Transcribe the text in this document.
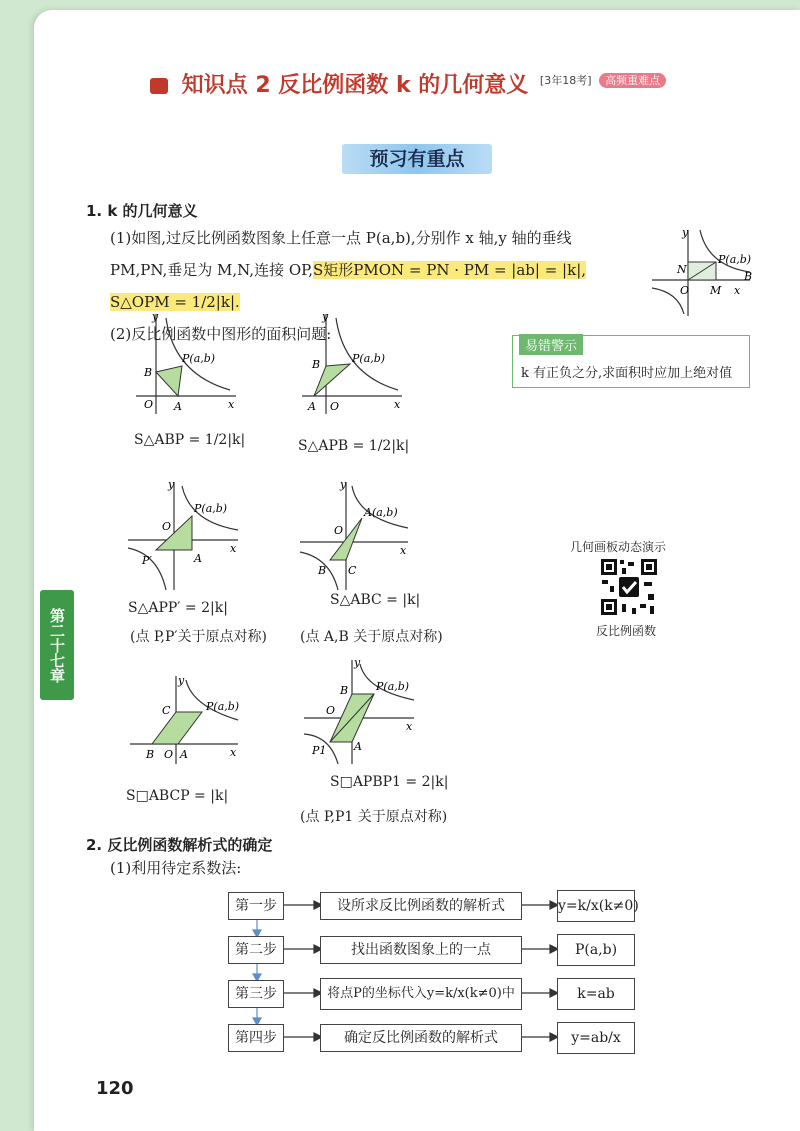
知识点 2 反比例函数 k 的几何意义 [3年18考] $^{高频重难点}$
预习有重点
1. k 的几何意义
(1)如图,过反比例函数图象上任意一点 P(a,b),分别作 x 轴,y 轴的垂线
PM,PN,垂足为 M,N,连接 OP,S矩形PMON = PN · PM = |ab| = |k|, S△OPM = 1/2|k|.
(2)反比例函数中图形的面积问题:
y
N
P(a,b)
B
O M x
易错警示
k 有正负之分,求面积时应加上绝对值
y
B
P(a,b)
O A	x
S△ABP = 1/2|k|
y
B	P(a,b)
A O	x
S△APB = 1/2|k|
y
P(a,b)
O
P′	A
x
S△APP′ = 2|k|
y
A(a,b)
O
B C
x
S△ABC = |k|
(点 P,P′关于原点对称) (点 A,B 关于原点对称)
几何画板动态演示
反比例函数
第二十七章	y
C	P(a,b)
B O A	x
S□ABCP = |k|
y
B	P(a,b)
O
P1	A
x
S□APBP1 = 2|k|
(点 P,P1 关于原点对称)
2. 反比例函数解析式的确定
(1)利用待定系数法:
第一步	设所求反比例函数的解析式	y=k/x(k≠0)
第二步	找出函数图象上的一点	P(a,b)
第三步	将点P的坐标代入y=k/x(k≠0)中	k=ab
第四步	确定反比例函数的解析式	y=ab/x
120
